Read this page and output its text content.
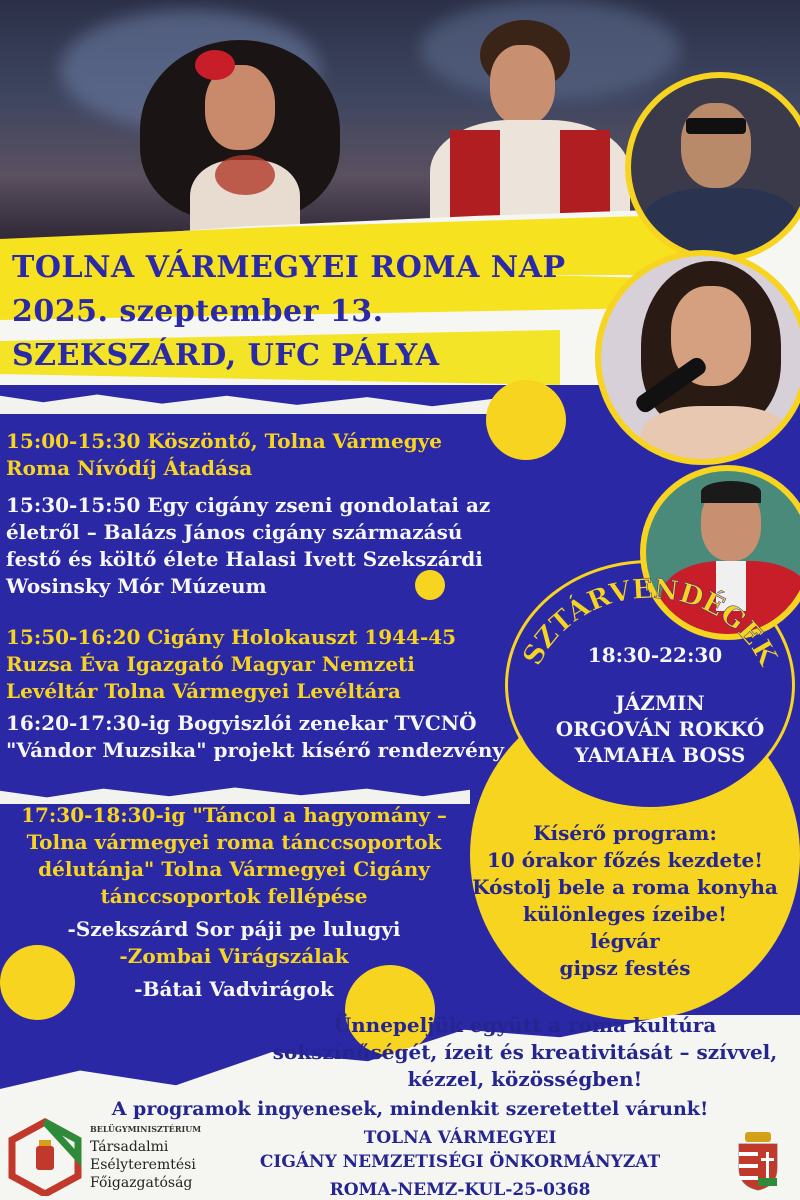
TOLNA VÁRMEGYEI ROMA NAP
2025. szeptember 13.
SZEKSZÁRD, UFC PÁLYA
15:00-15:30 Köszöntő, Tolna Vármegye
Roma Nívódíj Átadása
15:30-15:50 Egy cigány zseni gondolatai az
életről – Balázs János cigány származású
festő és költő élete Halasi Ivett Szekszárdi
Wosinsky Mór Múzeum
15:50-16:20 Cigány Holokauszt 1944-45
Ruzsa Éva Igazgató Magyar Nemzeti
Levéltár Tolna Vármegyei Levéltára
16:20-17:30-ig Bogyiszlói zenekar TVCNÖ
"Vándor Muzsika" projekt kísérő rendezvény
17:30-18:30-ig "Táncol a hagyomány –
Tolna vármegyei roma tánccsoportok
délutánja" Tolna Vármegyei Cigány
tánccsoportok fellépése
-Szekszárd Sor páji pe lulugyi
-Zombai Virágszálak
-Bátai Vadvirágok
SZTÁRVENDÉGEK
18:30-22:30
JÁZMIN
ORGOVÁN ROKKÓ
YAMAHA BOSS
Kísérő program:
10 órakor főzés kezdete!
Kóstolj bele a roma konyha
különleges ízeibe!
légvár
gipsz festés
Ünnepeljük együtt a roma kultúra
sokszínűségét, ízeit és kreativitását – szívvel,
kézzel, közösségben!
A programok ingyenesek, mindenkit szeretettel várunk!
TOLNA VÁRMEGYEI
CIGÁNY NEMZETISÉGI ÖNKORMÁNYZAT
ROMA-NEMZ-KUL-25-0368
BELÜGYMINISZTÉRIUM
Társadalmi
Esélyteremtési
Főigazgatóság
